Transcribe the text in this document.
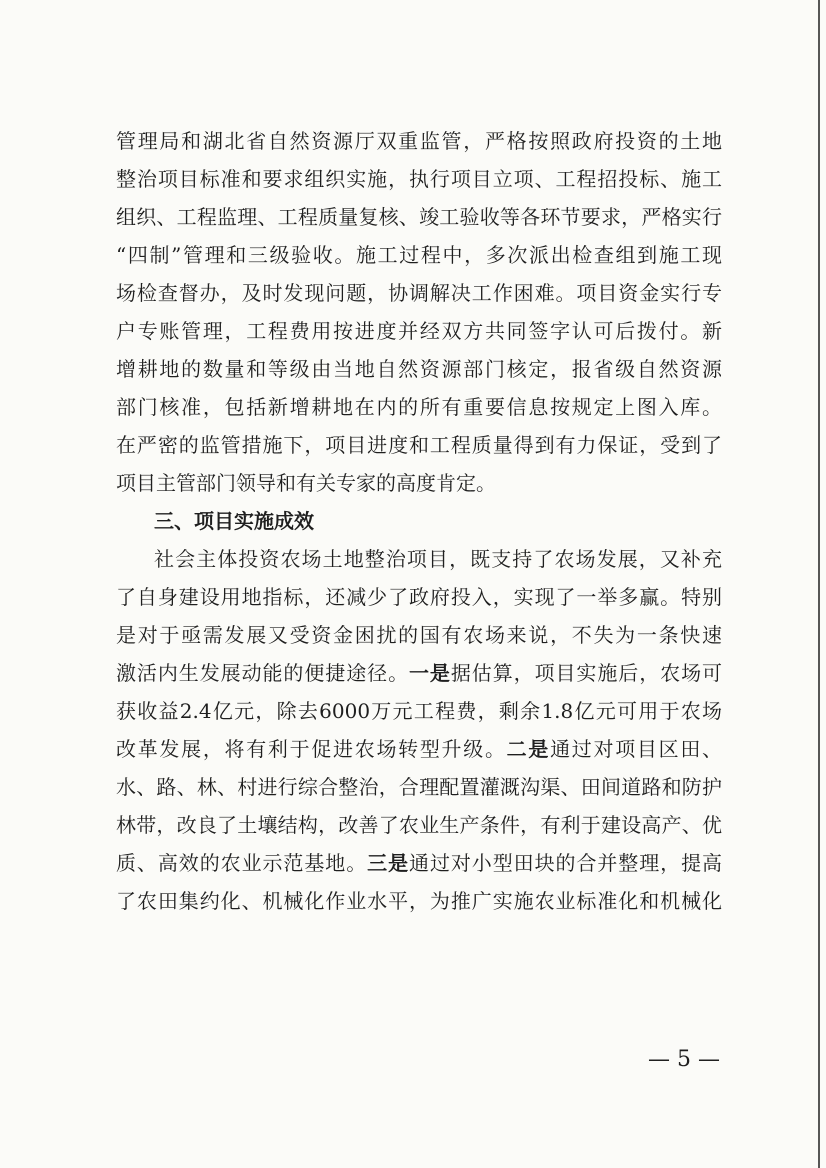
管理局和湖北省自然资源厅双重监管，严格按照政府投资的土地
整治项目标准和要求组织实施，执行项目立项、工程招投标、施工
组织、工程监理、工程质量复核、竣工验收等各环节要求，严格实行
“四制”管理和三级验收。施工过程中，多次派出检查组到施工现
场检查督办，及时发现问题，协调解决工作困难。项目资金实行专
户专账管理，工程费用按进度并经双方共同签字认可后拨付。新
增耕地的数量和等级由当地自然资源部门核定，报省级自然资源
部门核准，包括新增耕地在内的所有重要信息按规定上图入库。
在严密的监管措施下，项目进度和工程质量得到有力保证，受到了
项目主管部门领导和有关专家的高度肯定。
三、项目实施成效
社会主体投资农场土地整治项目，既支持了农场发展，又补充
了自身建设用地指标，还减少了政府投入，实现了一举多赢。特别
是对于亟需发展又受资金困扰的国有农场来说，不失为一条快速
激活内生发展动能的便捷途径。一是据估算，项目实施后，农场可
获收益2.4亿元，除去6000万元工程费，剩余1.8亿元可用于农场
改革发展，将有利于促进农场转型升级。二是通过对项目区田、
水、路、林、村进行综合整治，合理配置灌溉沟渠、田间道路和防护
林带，改良了土壤结构，改善了农业生产条件，有利于建设高产、优
质、高效的农业示范基地。三是通过对小型田块的合并整理，提高
了农田集约化、机械化作业水平，为推广实施农业标准化和机械化
— 5 —
